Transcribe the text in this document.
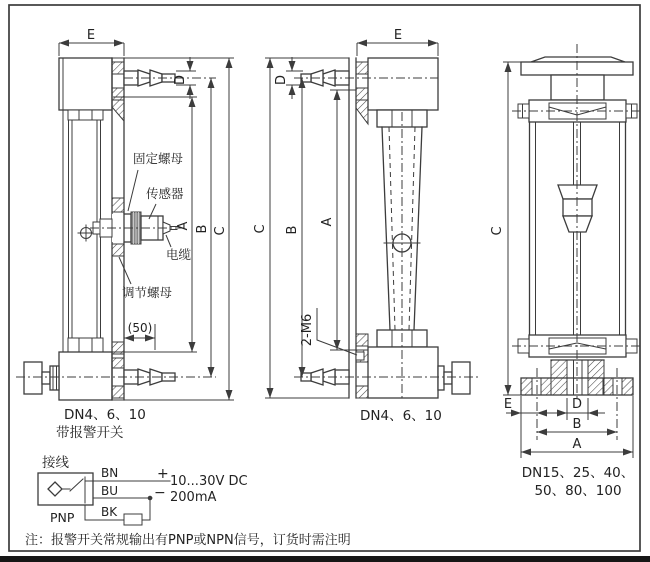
E
D
A B C
(50)
固定螺母
传感器
电缆
调节螺母
DN4、6、10
带报警开关
E
D
A
B
C
2-M6
DN4、6、10
C
E	D
B
A
DN15、25、40、
50、80、100
接线
PNP
BN
BU
BK
+
−
10...30V DC
200mA
注：报警开关常规输出有PNP或NPN信号，订货时需注明
